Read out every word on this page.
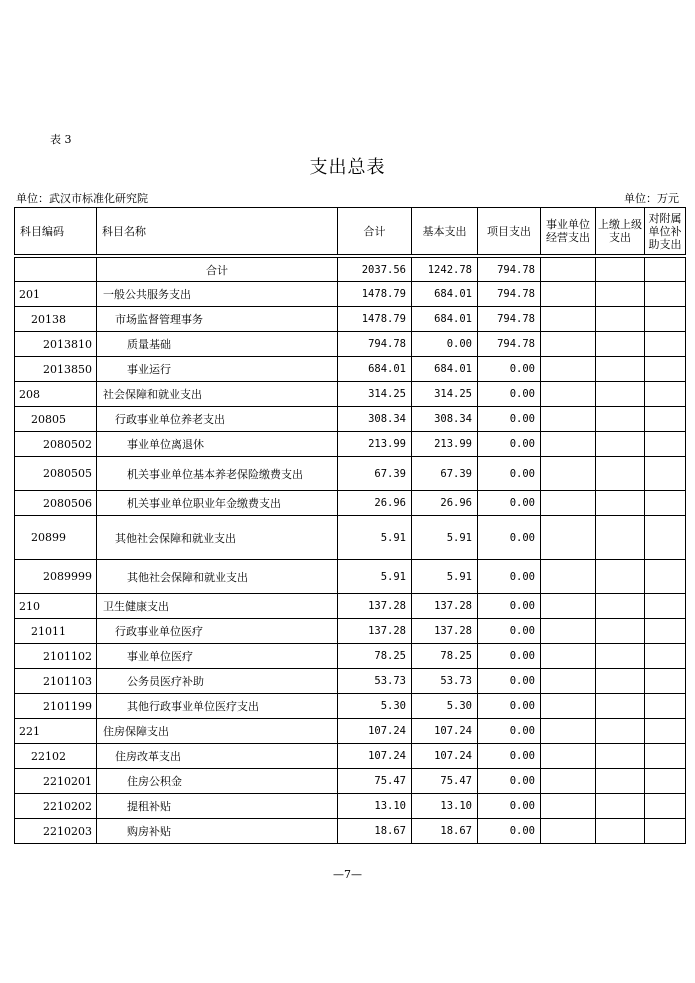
表 3
支出总表
单位：武汉市标准化研究院	单位：万元
科目编码	科目名称	合计	基本支出	项目支出	事业单位经营支出	上缴上级支出	对附属单位补助支出

	合计	2037.56	1242.78	794.78			
201	一般公共服务支出	1478.79	684.01	794.78			
20138	市场监督管理事务	1478.79	684.01	794.78			
2013810	质量基础	794.78	0.00	794.78			
2013850	事业运行	684.01	684.01	0.00			
208	社会保障和就业支出	314.25	314.25	0.00			
20805	行政事业单位养老支出	308.34	308.34	0.00			
2080502	事业单位离退休	213.99	213.99	0.00			
2080505	机关事业单位基本养老保险缴费支出	67.39	67.39	0.00			
2080506	机关事业单位职业年金缴费支出	26.96	26.96	0.00			
20899	其他社会保障和就业支出	5.91	5.91	0.00			
2089999	其他社会保障和就业支出	5.91	5.91	0.00			
210	卫生健康支出	137.28	137.28	0.00			
21011	行政事业单位医疗	137.28	137.28	0.00			
2101102	事业单位医疗	78.25	78.25	0.00			
2101103	公务员医疗补助	53.73	53.73	0.00			
2101199	其他行政事业单位医疗支出	5.30	5.30	0.00			
221	住房保障支出	107.24	107.24	0.00			
22102	住房改革支出	107.24	107.24	0.00			
2210201	住房公积金	75.47	75.47	0.00			
2210202	提租补贴	13.10	13.10	0.00			
2210203	购房补贴	18.67	18.67	0.00			
—7—
